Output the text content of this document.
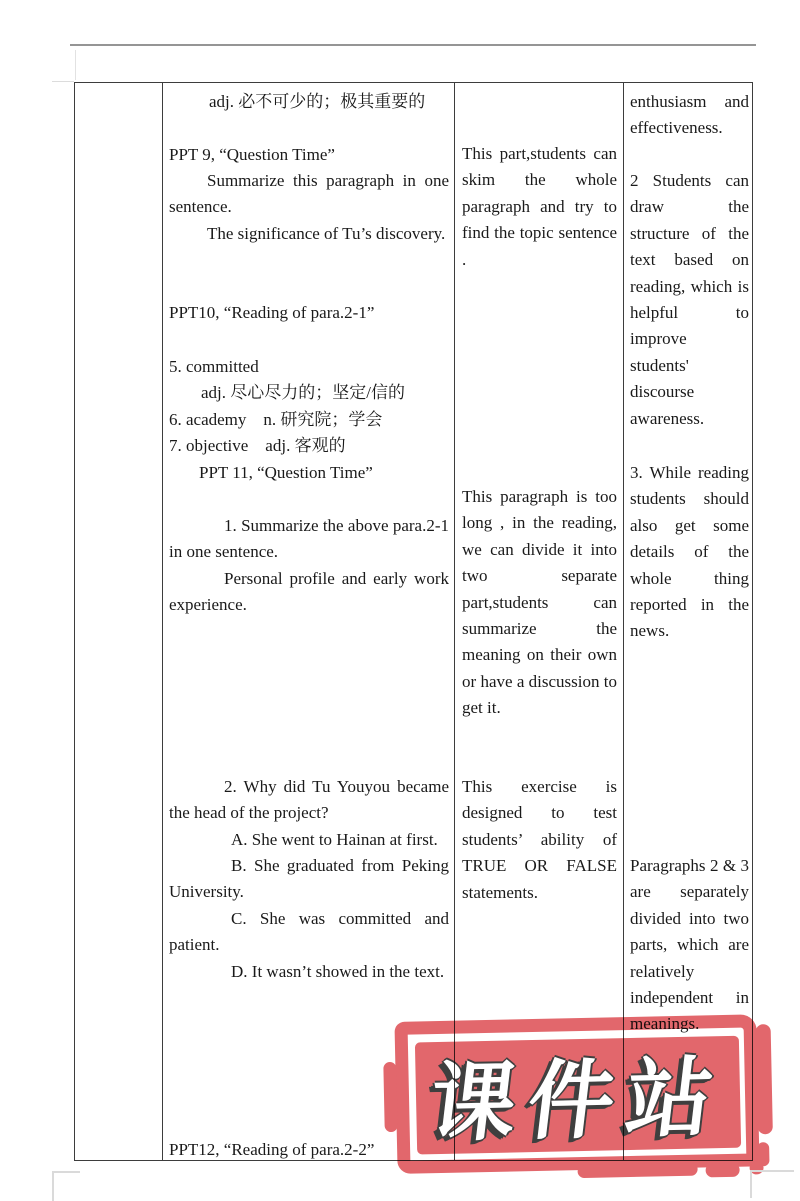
adj. 必不可少的；极其重要的

PPT 9, “Question Time”

Summarize this paragraph in one sentence.

The significance of Tu’s discovery.

PPT10, “Reading of para.2-1”

5. committed

adj. 尽心尽力的；坚定/信的

6. academy  n. 研究院；学会

7. objective  adj. 客观的

PPT 11, “Question Time”

1. Summarize the above para.2-1 in one sentence.

Personal profile and early work experience.

2. Why did Tu Youyou became the head of the project?

A. She went to Hainan at first.

B. She graduated from Peking University.

C. She was committed and patient.

D. It wasn’t showed in the text.

PPT12, “Reading of para.2-2”

This part,students can skim the whole paragraph and try to find the topic sentence .

This paragraph is too long , in the reading, we can divide it into two separate part,students can summarize the meaning on their own or have a discussion to get it.

This exercise is designed to test students’ ability of TRUE OR FALSE statements.

enthusiasm and effectiveness.

2 Students can draw the structure of the text based on reading, which is helpful to improve students' discourse awareness.

3. While reading students should also get some details of the whole thing reported in the news.

Paragraphs 2 & 3 are separately divided into two parts, which are relatively independent in meanings.

课件站
